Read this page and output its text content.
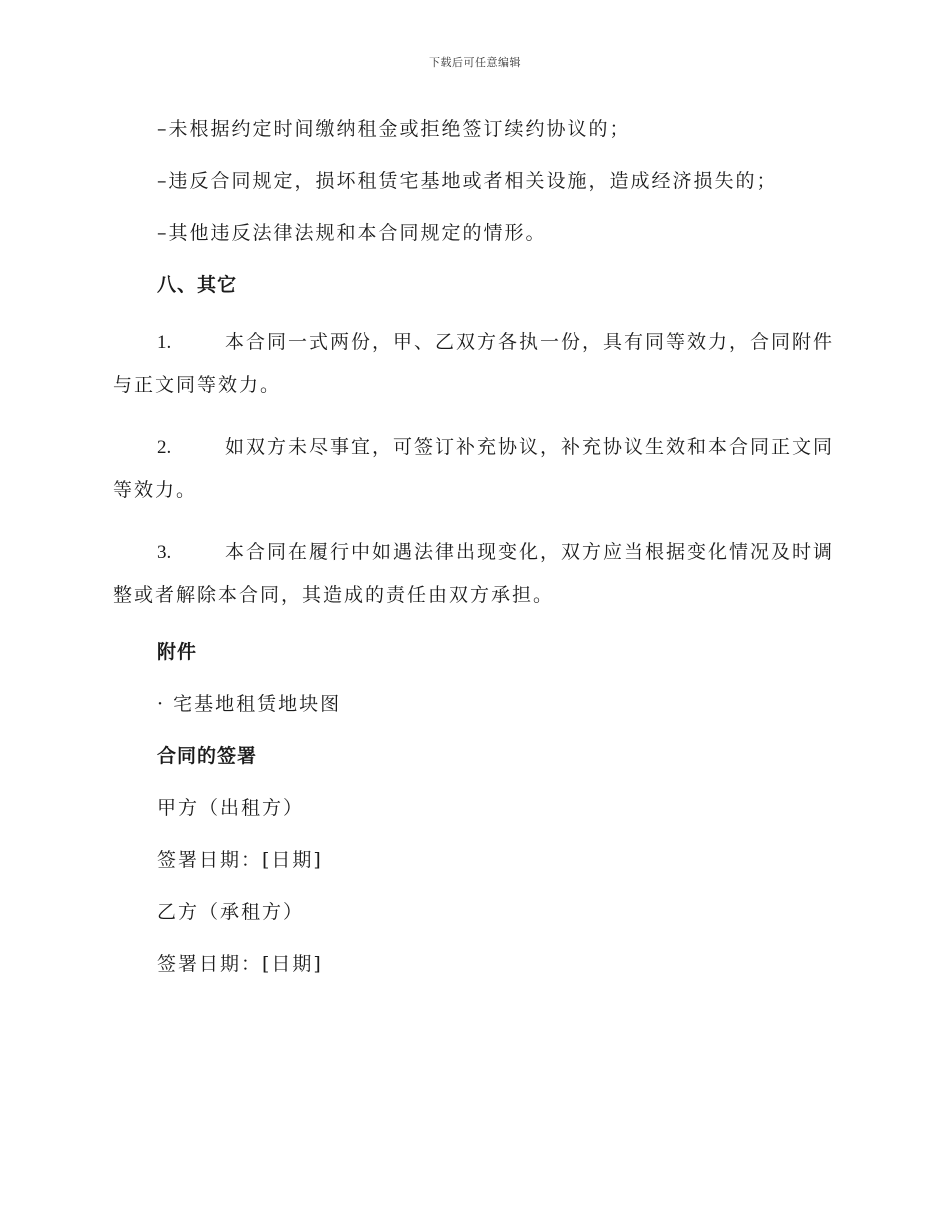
下载后可任意编辑

–未根据约定时间缴纳租金或拒绝签订续约协议的；

–违反合同规定，损坏租赁宅基地或者相关设施，造成经济损失的；

–其他违反法律法规和本合同规定的情形。

八、其它

1.	本合同一式两份，甲、乙双方各执一份，具有同等效力，合同附件与正文同等效力。

2.	如双方未尽事宜，可签订补充协议，补充协议生效和本合同正文同等效力。

3.	本合同在履行中如遇法律出现变化，双方应当根据变化情况及时调整或者解除本合同，其造成的责任由双方承担。

附件

· 宅基地租赁地块图

合同的签署

甲方（出租方）

签署日期：[日期]

乙方（承租方）

签署日期：[日期]
